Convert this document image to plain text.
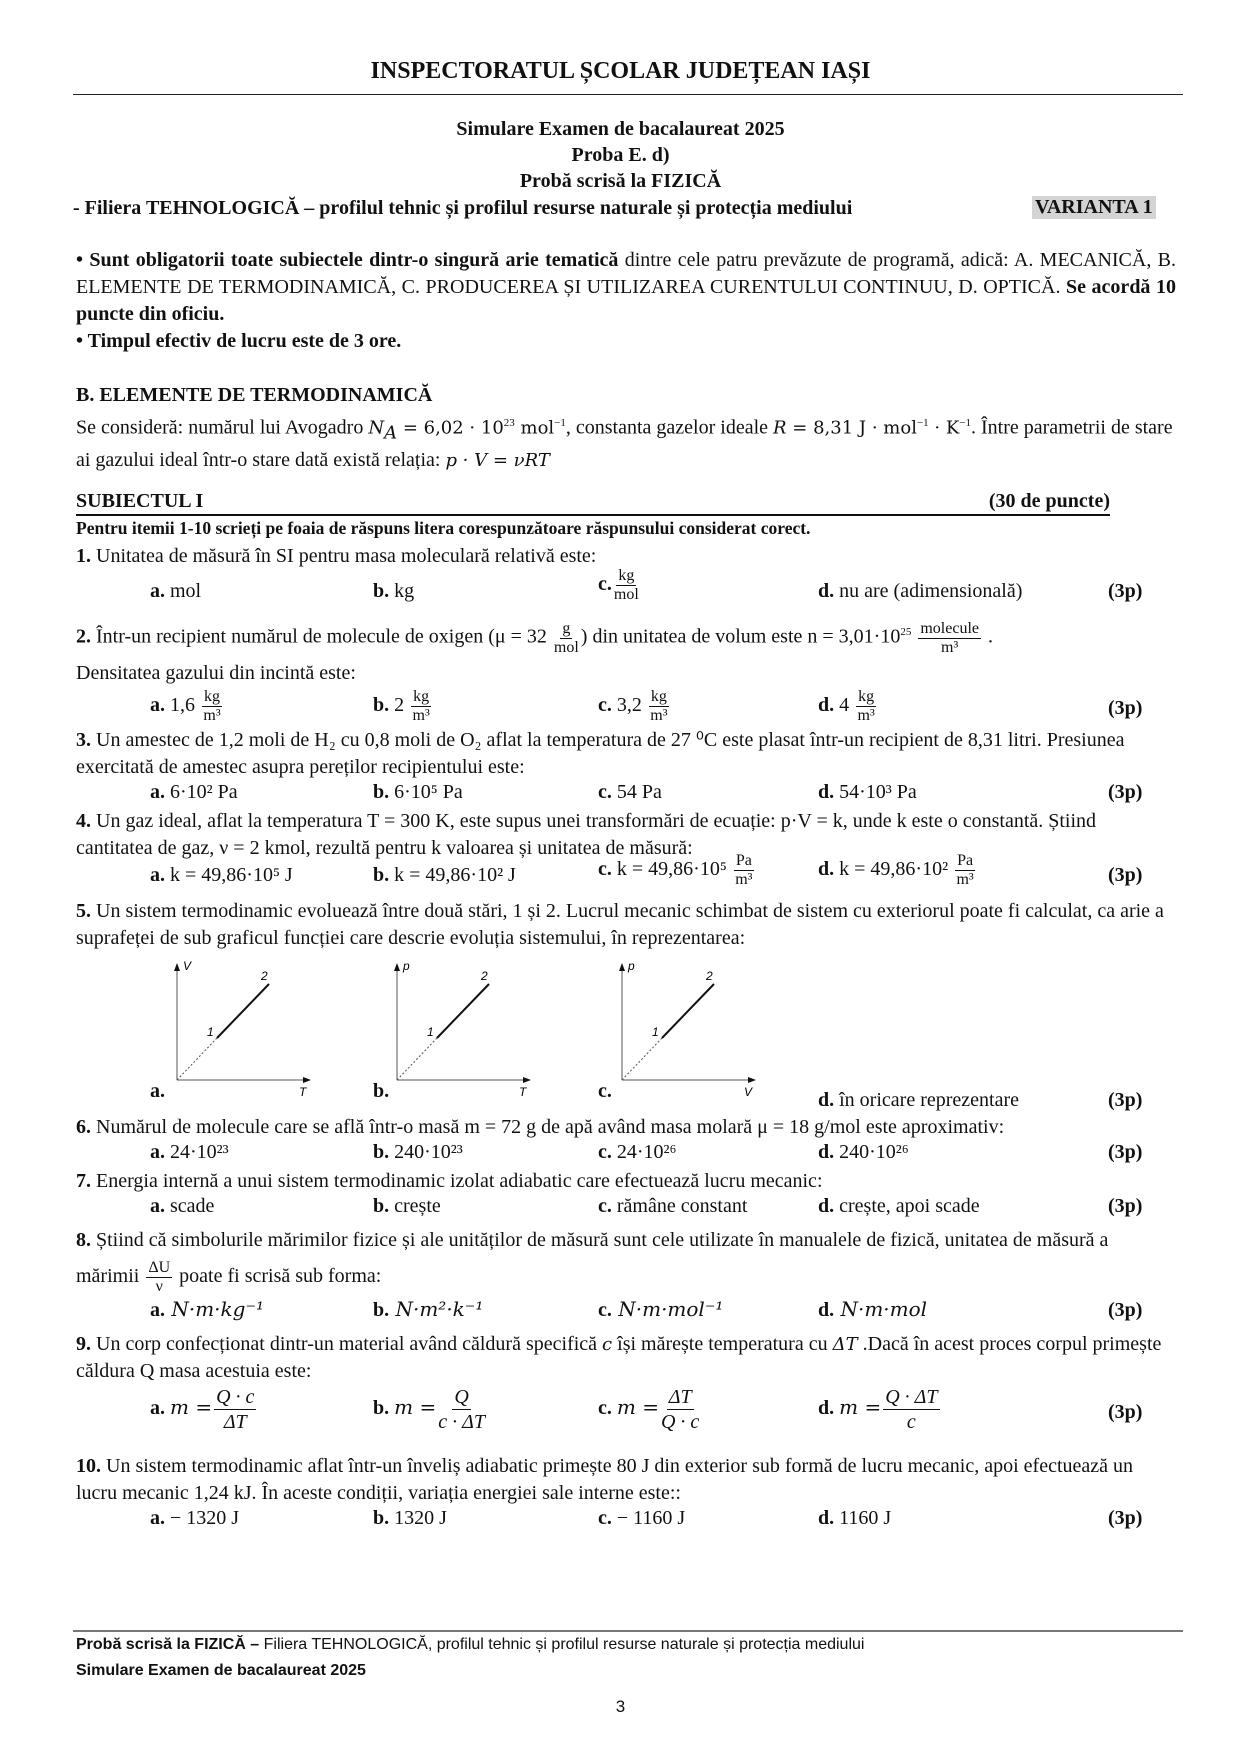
INSPECTORATUL ȘCOLAR JUDEȚEAN IAȘI
Simulare Examen de bacalaureat 2025
Proba E. d)
Probă scrisă la FIZICĂ
- Filiera TEHNOLOGICĂ – profilul tehnic și profilul resurse naturale și protecția mediului	VARIANTA 1
• Sunt obligatorii toate subiectele dintr-o singură arie tematică dintre cele patru prevăzute de programă, adică: A. MECANICĂ, B. ELEMENTE DE TERMODINAMICĂ, C. PRODUCEREA ȘI UTILIZAREA CURENTULUI CONTINUU, D. OPTICĂ. Se acordă 10 puncte din oficiu.
• Timpul efectiv de lucru este de 3 ore.
B. ELEMENTE DE TERMODINAMICĂ
Se consideră: numărul lui Avogadro $N_A = 6,02 \cdot 10^{23}$ mol$^{-1}$, constanta gazelor ideale R = 8,31 $J \cdot mol^{-1} \cdot K^{-1}$. Între parametrii de stare ai gazului ideal într-o stare dată există relația: p · V = νRT
SUBIECTUL I	(30 de puncte)
Pentru itemii 1-10 scrieți pe foaia de răspuns litera corespunzătoare răspunsului considerat corect.
1. Unitatea de măsură în SI pentru masa moleculară relativă este:
a. mol	b. kg	c. $\frac{kg}{\text{mol}}$	d. nu are (adimensională)	(3p)
2. Într-un recipient numărul de molecule de oxigen ($\mu = 32 \frac{g}{\text{mol}}$ ) din unitatea de volum este $n = 3,01\cdot 10^{25} \frac{\text{molecule}}{\text{m³}}$ .
Densitatea gazului din incintă este:
a. $1,6 \frac{kg}{\text{m³}}$	b. $2 \frac{kg}{\text{m³}}$	c. $3,2 \frac{kg}{\text{m³}}$	d. $4 \frac{kg}{\text{m³}}$	(3p)
3. Un amestec de 1,2 moli de H₂ cu 0,8 moli de O₂ aflat la temperatura de 27 ⁰C este plasat într-un recipient de 8,31 litri. Presiunea exercitată de amestec asupra pereților recipientului este:
a. 6·10² Pa	b. 6·10⁵ Pa	c. 54 Pa	d. 54·10³ Pa	(3p)
4. Un gaz ideal, aflat la temperatura T = 300 K, este supus unei transformări de ecuație: p·V = k, unde k este o constantă. Știind cantitatea de gaz, ν = 2 kmol, rezultă pentru k valoarea și unitatea de măsură:
a. k = 49,86·10⁵ J	b. k = 49,86·10² J	c. $k = 49,86\cdot 10^5 \frac{Pa}{\text{m³}}$	d. $k = 49,86\cdot 10^2 \frac{Pa}{\text{m³}}$	(3p)
5. Un sistem termodinamic evoluează între două stări, 1 și 2. Lucrul mecanic schimbat de sistem cu exteriorul poate fi calculat, ca arie a suprafeței de sub graficul funcției care descrie evoluția sistemului, în reprezentarea:
a.
V
T
1
2
b.
p
T
1
2
c.
p
V
1
2
d. în oricare reprezentare	(3p)
6. Numărul de molecule care se află într-o masă m = 72 g de apă având masa molară μ = 18 g/mol este aproximativ:
a. 24·10²³	b. 240·10²³	c. 24·10²⁶	d. 240·10²⁶	(3p)
7. Energia internă a unui sistem termodinamic izolat adiabatic care efectuează lucru mecanic:
a. scade	b. crește	c. rămâne constant	d. crește, apoi scade	(3p)
8. Știind că simbolurile mărimilor fizice și ale unităților de măsură sunt cele utilizate în manualele de fizică, unitatea de măsură a mărimii $\frac{\Delta U}{\nu}$ poate fi scrisă sub forma:
a. N·m·kg⁻¹	b. N·m²·k⁻¹	c. N·m·mol⁻¹	d. N·m·mol	(3p)
9. Un corp confecționat dintr-un material având căldură specifică c își mărește temperatura cu ΔT .Dacă în acest proces corpul primește căldura Q masa acestuia este:
a. $m = \frac{Q \cdot c}{\Delta T}$	b. $m = \frac{Q}{c \cdot \Delta T}$	c. $m = \frac{\Delta T}{Q \cdot c}$	d. $m = \frac{Q \cdot \Delta T}{c}$	(3p)
10. Un sistem termodinamic aflat într-un înveliș adiabatic primește 80 J din exterior sub formă de lucru mecanic, apoi efectuează un lucru mecanic 1,24 kJ. În aceste condiții, variația energiei sale interne este::
a. − 1320 J	b. 1320 J	c. − 1160 J	d. 1160 J	(3p)
Probă scrisă la FIZICĂ – Filiera TEHNOLOGICĂ, profilul tehnic și profilul resurse naturale și protecția mediului
Simulare Examen de bacalaureat 2025
3
